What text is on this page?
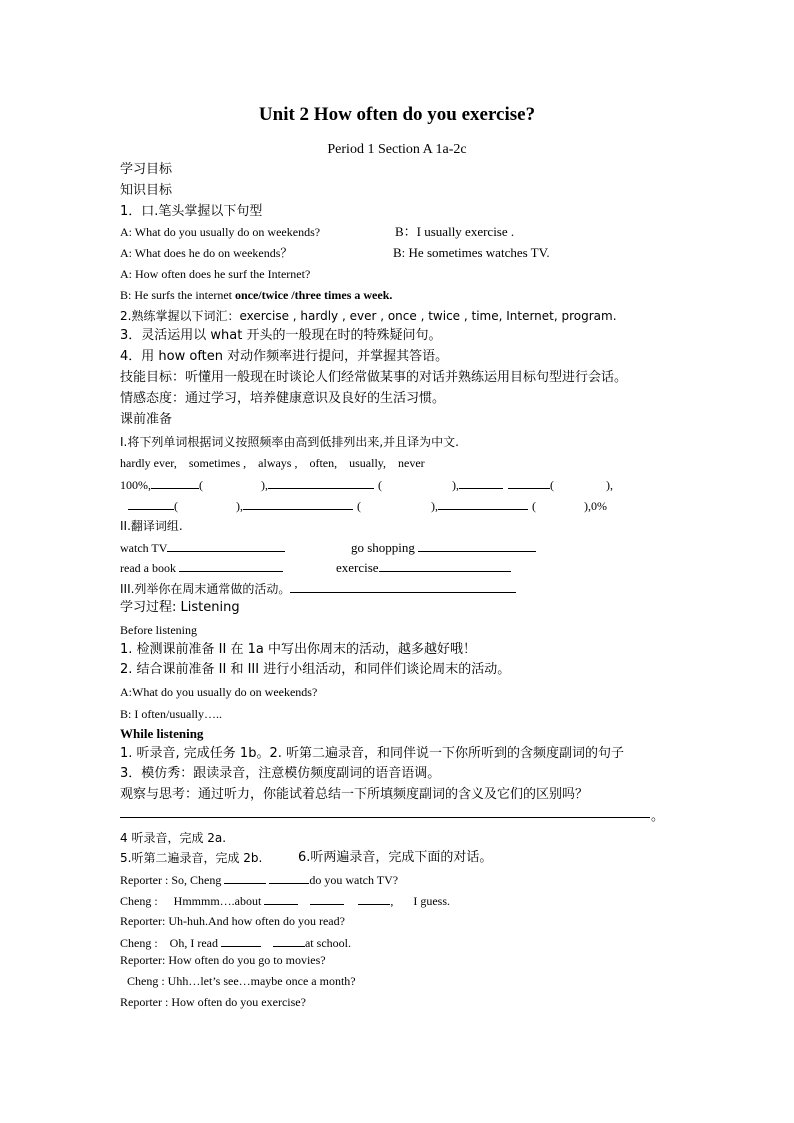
Unit 2 How often do you exercise?
Period 1 Section A 1a-2c
学习目标
知识目标
1．口.笔头掌握以下句型
A: What do you usually do on weekends?	B：I usually exercise .
A: What does he do on weekends？	B: He sometimes watches TV.
A: How often does he surf the Internet?
B: He surfs the internet once/twice /three times a week.
2.熟练掌握以下词汇：exercise , hardly , ever , once , twice , time, Internet, program.
3．灵活运用以 what 开头的一般现在时的特殊疑问句。
4．用 how often 对动作频率进行提问，并掌握其答语。
技能目标：听懂用一般现在时谈论人们经常做某事的对话并熟练运用目标句型进行会话。
情感态度：通过学习，培养健康意识及良好的生活习惯。
课前准备
I.将下列单词根据词义按照频率由高到低排列出来,并且译为中文.
hardly ever,　sometimes ,　always ,　often,　usually,　never
100%,	(	),	(	),	(	),
(	),	(	),	(	),0%
II.翻译词组.
watch TV	go shopping
read a book	exercise
III.列举你在周末通常做的活动。
学习过程: Listening
Before listening
1. 检测课前准备 II 在 1a 中写出你周末的活动，越多越好哦！
2. 结合课前准备 II 和 III 进行小组活动，和同伴们谈论周末的活动。
A:What do you usually do on weekends?
B: I often/usually…..
While listening
1. 听录音, 完成任务 1b。2. 听第二遍录音，和同伴说一下你所听到的含频度副词的句子
3．模仿秀：跟读录音，注意模仿频度副词的语音语调。
观察与思考：通过听力，你能试着总结一下所填频度副词的含义及它们的区别吗？
。
4 听录音，完成 2a.
5.听第二遍录音，完成 2b.	6.听两遍录音，完成下面的对话。
Reporter : So, Cheng	do you watch TV?
Cheng : Hmmmm….about	, I guess.
Reporter: Uh-huh.And how often do you read?
Cheng : Oh, I read	at school.
Reporter: How often do you go to movies?
Cheng : Uhh…let’s see…maybe once a month?
Reporter : How often do you exercise?
